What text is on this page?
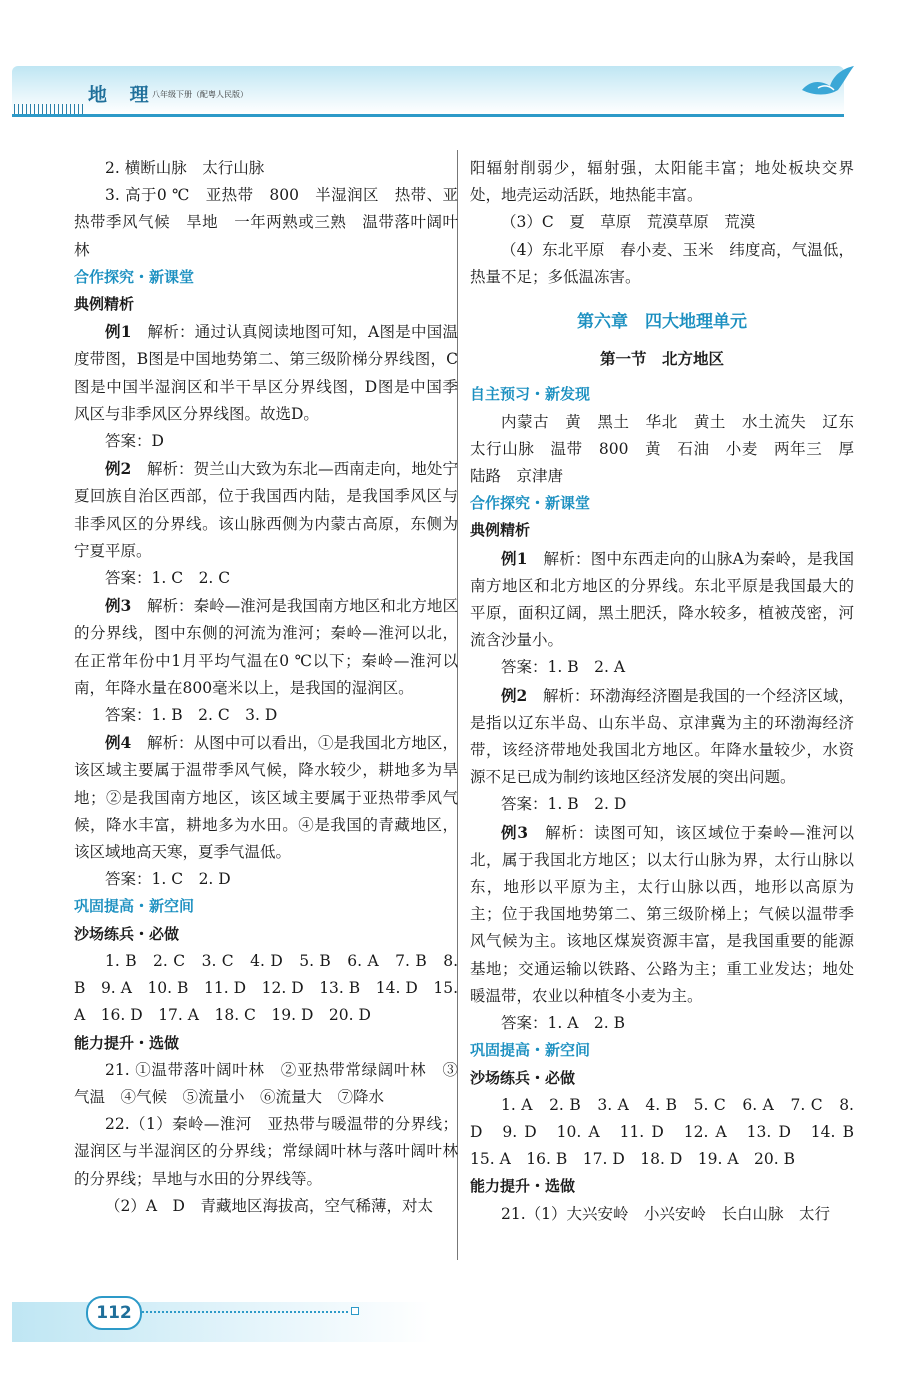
地 理
八年级下册（配粤人民版）

2. 横断山脉　太行山脉

3. 高于0 ℃　亚热带　800　半湿润区　热带、亚热带季风气候　旱地　一年两熟或三熟　温带落叶阔叶林

合作探究・新课堂

典例精析

例1　解析：通过认真阅读地图可知，A图是中国温度带图，B图是中国地势第二、第三级阶梯分界线图，C图是中国半湿润区和半干旱区分界线图，D图是中国季风区与非季风区分界线图。故选D。

答案：D

例2　解析：贺兰山大致为东北—西南走向，地处宁夏回族自治区西部，位于我国西内陆，是我国季风区与非季风区的分界线。该山脉西侧为内蒙古高原，东侧为宁夏平原。

答案：1. C　2. C

例3　解析：秦岭—淮河是我国南方地区和北方地区的分界线，图中东侧的河流为淮河；秦岭—淮河以北，在正常年份中1月平均气温在0 ℃以下；秦岭—淮河以南，年降水量在800毫米以上，是我国的湿润区。

答案：1. B　2. C　3. D

例4　解析：从图中可以看出，①是我国北方地区，该区域主要属于温带季风气候，降水较少，耕地多为旱地；②是我国南方地区，该区域主要属于亚热带季风气候，降水丰富，耕地多为水田。④是我国的青藏地区，该区域地高天寒，夏季气温低。

答案：1. C　2. D

巩固提高・新空间

沙场练兵・必做

1. B　2. C　3. C　4. D　5. B　6. A　7. B　8. B　9. A　10. B　11. D　12. D　13. B　14. D　15. A　16. D　17. A　18. C　19. D　20. D

能力提升・选做

21. ①温带落叶阔叶林　②亚热带常绿阔叶林　③气温　④气候　⑤流量小　⑥流量大　⑦降水

22.（1）秦岭—淮河　亚热带与暖温带的分界线；湿润区与半湿润区的分界线；常绿阔叶林与落叶阔叶林的分界线；旱地与水田的分界线等。

（2）A　D　青藏地区海拔高，空气稀薄，对太

阳辐射削弱少，辐射强，太阳能丰富；地处板块交界处，地壳运动活跃，地热能丰富。

（3）C　夏　草原　荒漠草原　荒漠

（4）东北平原　春小麦、玉米　纬度高，气温低，热量不足；多低温冻害。

第六章　四大地理单元

第一节　北方地区

自主预习・新发现

内蒙古　黄　黑土　华北　黄土　水土流失　辽东　太行山脉　温带　800　黄　石油　小麦　两年三　厚　陆路　京津唐

合作探究・新课堂

典例精析

例1　解析：图中东西走向的山脉A为秦岭，是我国南方地区和北方地区的分界线。东北平原是我国最大的平原，面积辽阔，黑土肥沃，降水较多，植被茂密，河流含沙量小。

答案：1. B　2. A

例2　解析：环渤海经济圈是我国的一个经济区域，是指以辽东半岛、山东半岛、京津冀为主的环渤海经济带，该经济带地处我国北方地区。年降水量较少，水资源不足已成为制约该地区经济发展的突出问题。

答案：1. B　2. D

例3　解析：读图可知，该区域位于秦岭—淮河以北，属于我国北方地区；以太行山脉为界，太行山脉以东，地形以平原为主，太行山脉以西，地形以高原为主；位于我国地势第二、第三级阶梯上；气候以温带季风气候为主。该地区煤炭资源丰富，是我国重要的能源基地；交通运输以铁路、公路为主；重工业发达；地处暖温带，农业以种植冬小麦为主。

答案：1. A　2. B

巩固提高・新空间

沙场练兵・必做

1. A　2. B　3. A　4. B　5. C　6. A　7. C　8. D　9. D　10. A　11. D　12. A　13. D　14. B　15. A　16. B　17. D　18. D　19. A　20. B

能力提升・选做

21.（1）大兴安岭　小兴安岭　长白山脉　太行

112
